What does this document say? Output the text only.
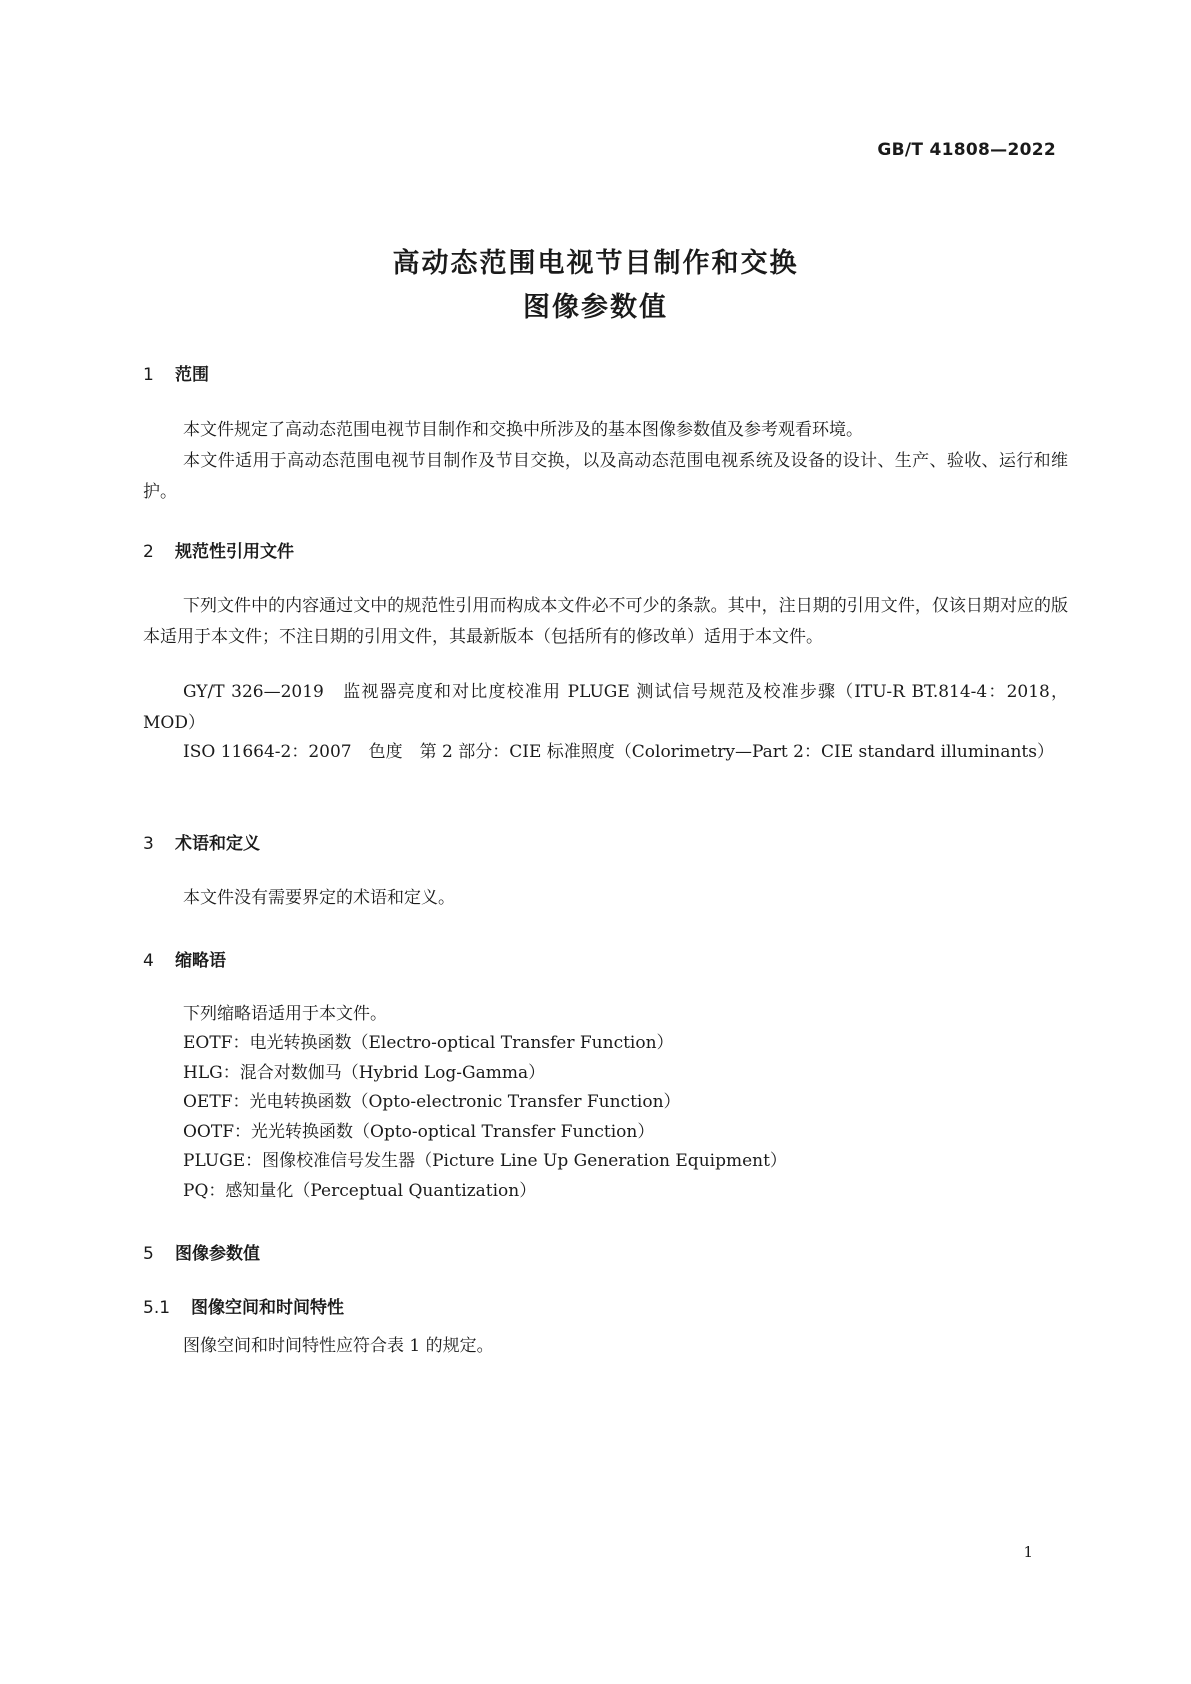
GB/T 41808—2022
高动态范围电视节目制作和交换
图像参数值
1 范围
本文件规定了高动态范围电视节目制作和交换中所涉及的基本图像参数值及参考观看环境。
本文件适用于高动态范围电视节目制作及节目交换，以及高动态范围电视系统及设备的设计、生产、验收、运行和维护。
2 规范性引用文件
下列文件中的内容通过文中的规范性引用而构成本文件必不可少的条款。其中，注日期的引用文件，仅该日期对应的版本适用于本文件；不注日期的引用文件，其最新版本（包括所有的修改单）适用于本文件。
GY/T 326—2019　监视器亮度和对比度校准用 PLUGE 测试信号规范及校准步骤（ITU-R BT.814-4：2018，MOD）
ISO 11664-2：2007　色度　第 2 部分：CIE 标准照度（Colorimetry—Part 2：CIE standard illuminants）
3 术语和定义
本文件没有需要界定的术语和定义。
4 缩略语
下列缩略语适用于本文件。
EOTF：电光转换函数（Electro-optical Transfer Function）
HLG：混合对数伽马（Hybrid Log-Gamma）
OETF：光电转换函数（Opto-electronic Transfer Function）
OOTF：光光转换函数（Opto-optical Transfer Function）
PLUGE：图像校准信号发生器（Picture Line Up Generation Equipment）
PQ：感知量化（Perceptual Quantization）
5 图像参数值
5.1 图像空间和时间特性
图像空间和时间特性应符合表 1 的规定。
1
